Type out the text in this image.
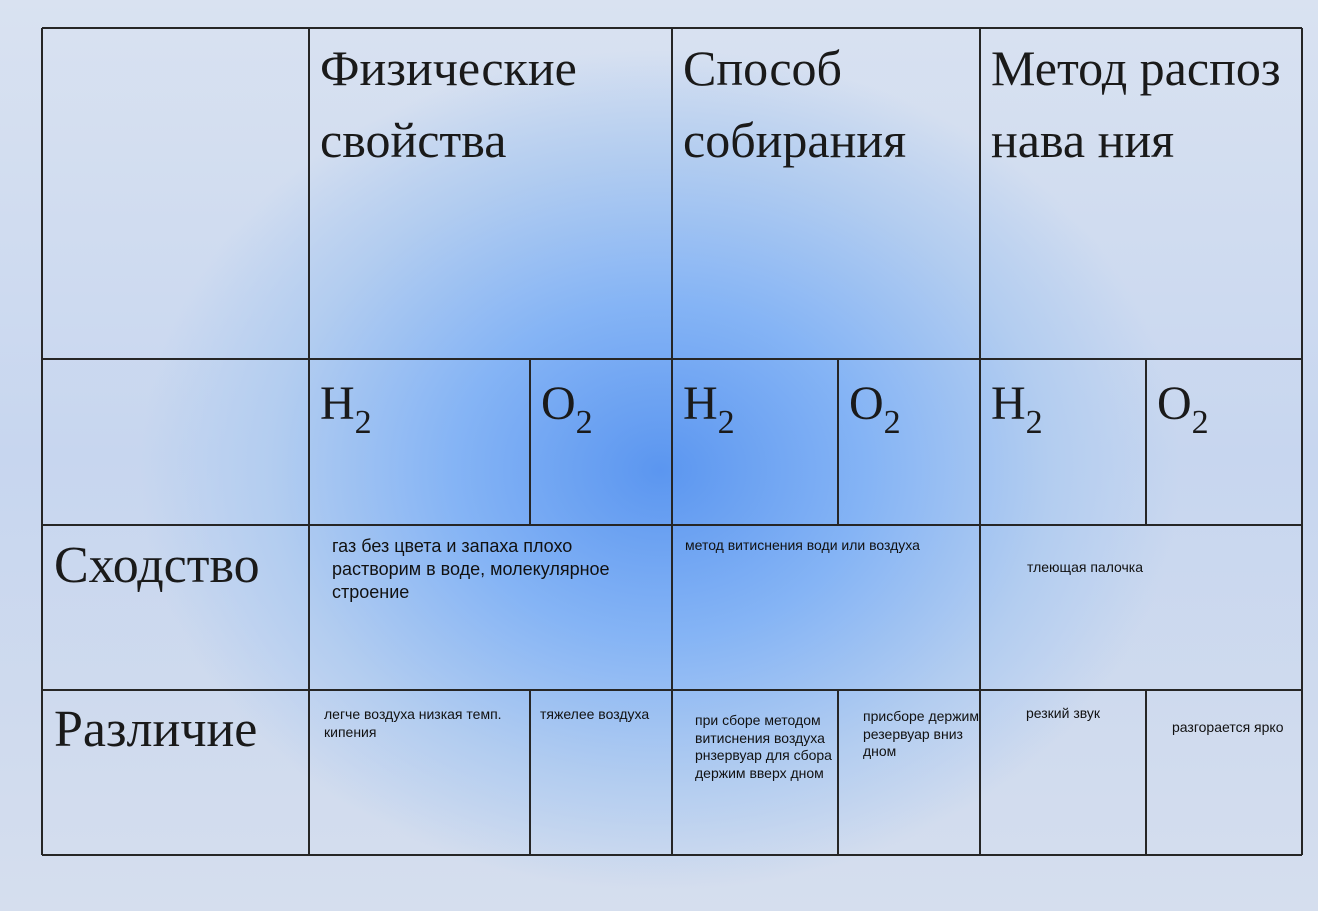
Физические свойства
Способ собирания
Метод распознава ния
$H_2$	$O_2$ $H_2$ $O_2$ $H_2$ $O_2$
Сходство
Различие
газ без цвета и запаха плохо растворим в воде, молекулярное строение
метод витиснения води или воздуха
тлеющая палочка
легче воздуха низкая темп. кипения
тяжелее воздуха	при сборе методом витиснения воздуха рнзервуар для сбора держим вверх дном
присборе держим резервуар вниз дном
резкий звук
разгорается ярко
